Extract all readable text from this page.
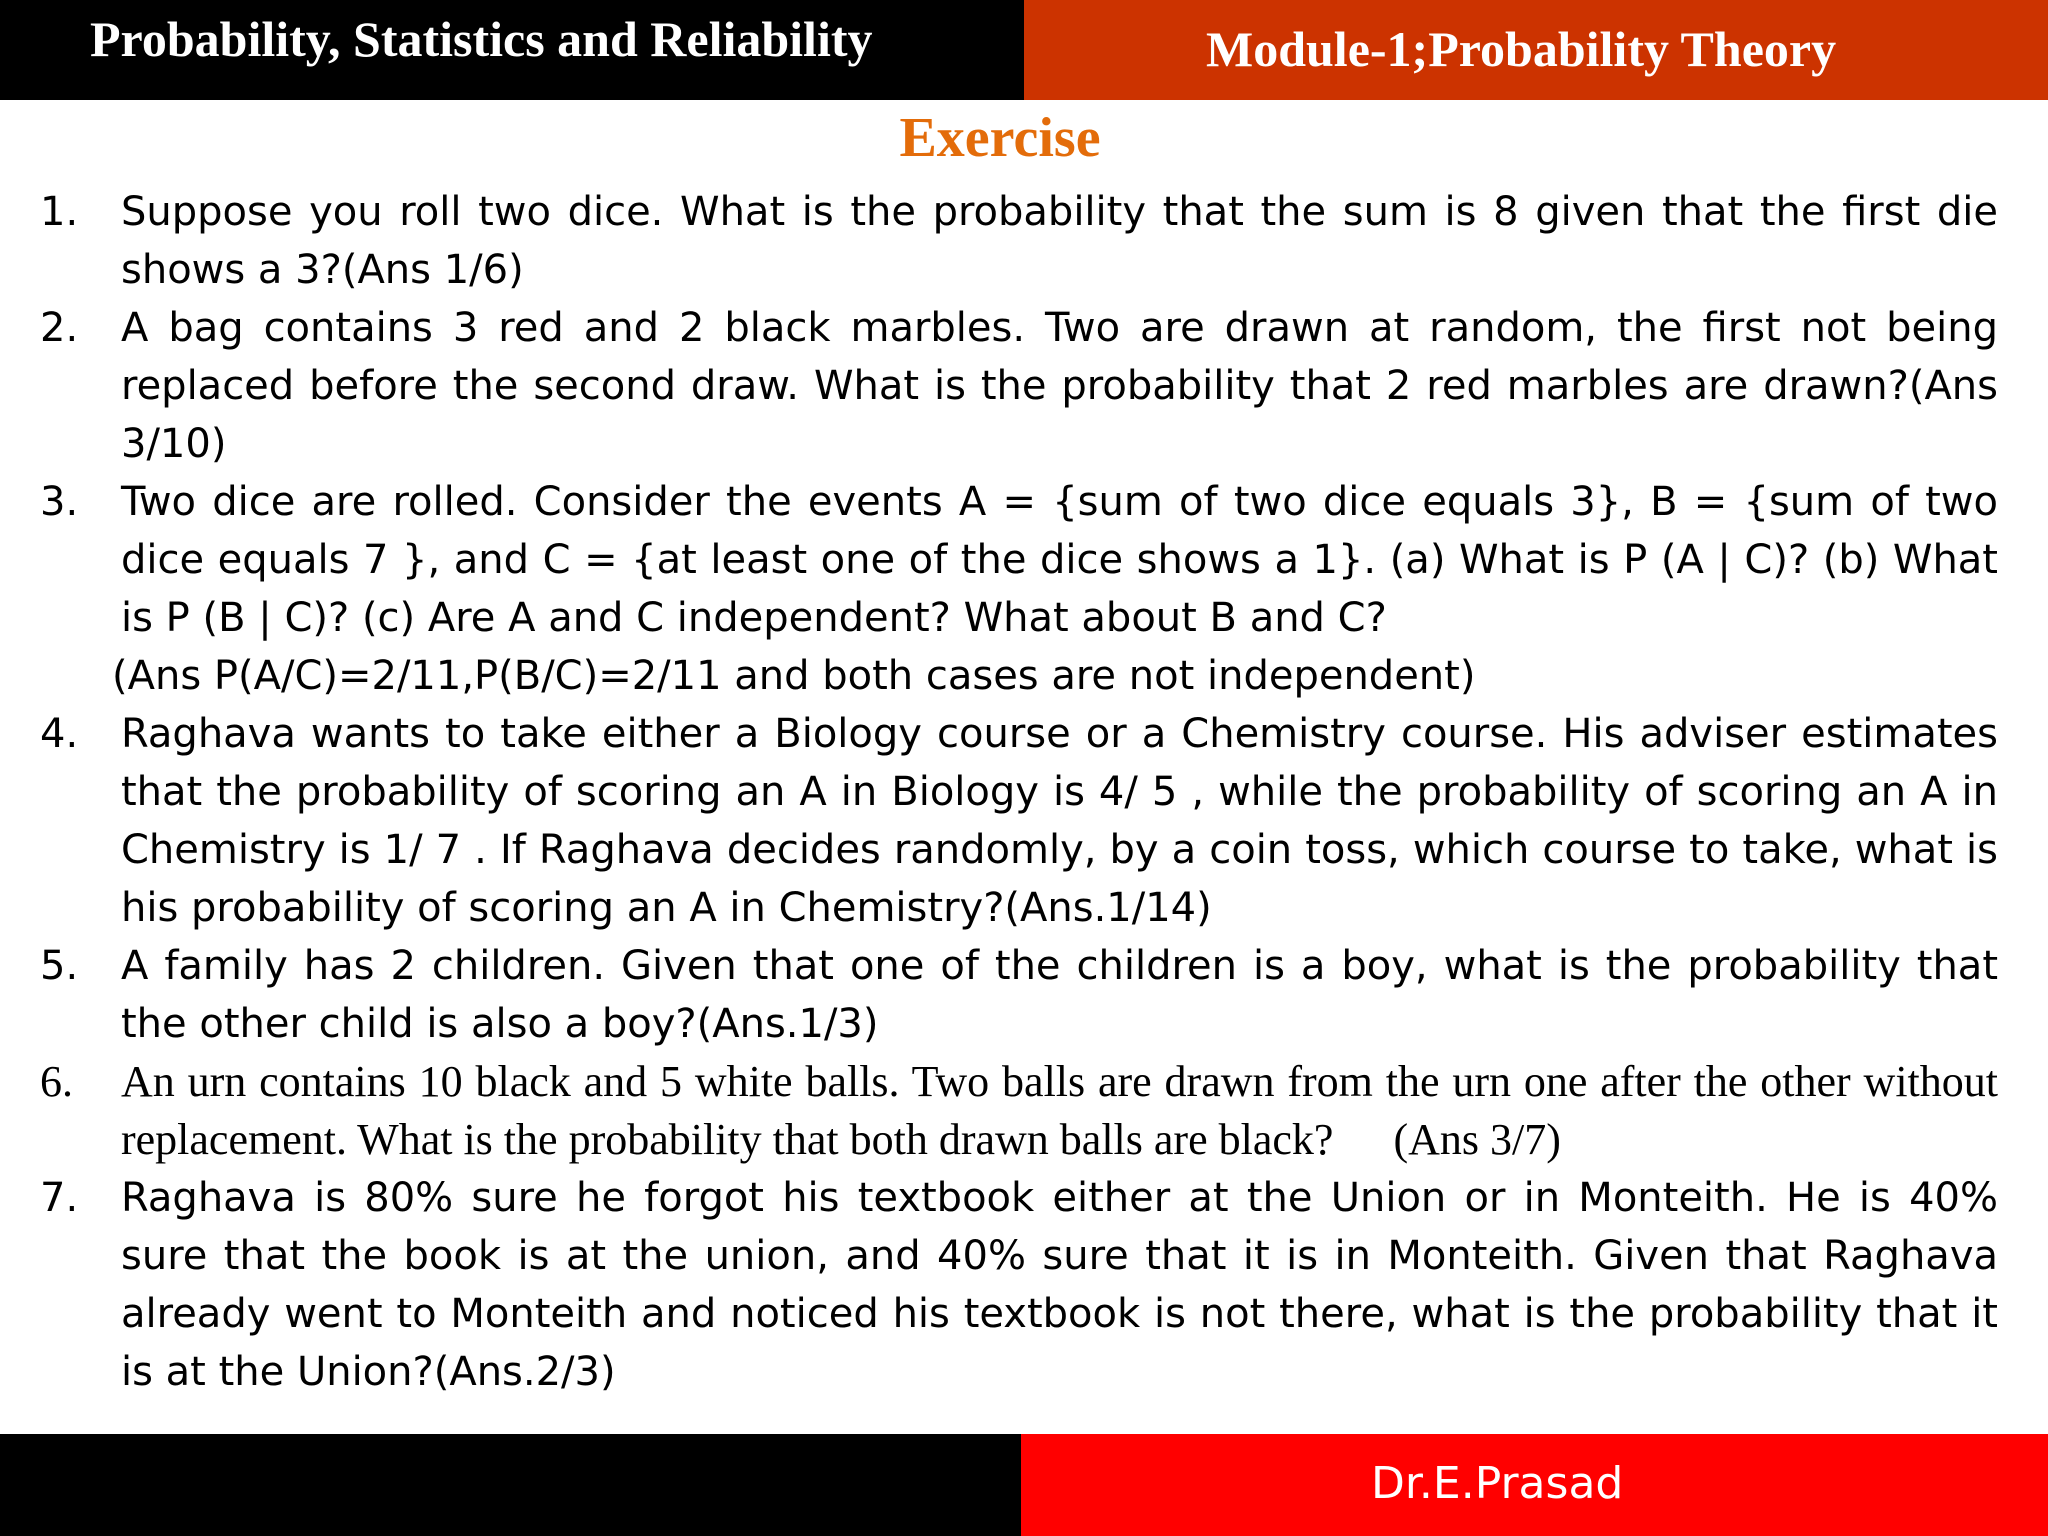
Probability, Statistics and Reliability	Module-1;Probability Theory
Exercise
1.	Suppose you roll two dice. What is the probability that the sum is 8 given that the first die shows a 3?(Ans 1/6)
2.	A bag contains 3 red and 2 black marbles. Two are drawn at random, the first not being replaced before the second draw. What is the probability that 2 red marbles are drawn?(Ans 3/10)
3.	Two dice are rolled. Consider the events A = {sum of two dice equals 3}, B = {sum of two dice equals 7 }, and C = {at least one of the dice shows a 1}. (a) What is P (A | C)? (b) What is P (B | C)? (c) Are A and C independent? What about B and C?
(Ans P(A/C)=2/11,P(B/C)=2/11 and both cases are not independent)
4.	Raghava wants to take either a Biology course or a Chemistry course. His adviser estimates that the probability of scoring an A in Biology is 4/ 5 , while the probability of scoring an A in Chemistry is 1/ 7 . If Raghava decides randomly, by a coin toss, which course to take, what is his probability of scoring an A in Chemistry?(Ans.1/14)
5.	A family has 2 children. Given that one of the children is a boy, what is the probability that the other child is also a boy?(Ans.1/3)
6.	An urn contains 10 black and 5 white balls. Two balls are drawn from the urn one after the other without replacement. What is the probability that both drawn balls are black? (Ans 3/7)
7.	Raghava is 80% sure he forgot his textbook either at the Union or in Monteith. He is 40% sure that the book is at the union, and 40% sure that it is in Monteith. Given that Raghava already went to Monteith and noticed his textbook is not there, what is the probability that it is at the Union?(Ans.2/3)
Dr.E.Prasad
